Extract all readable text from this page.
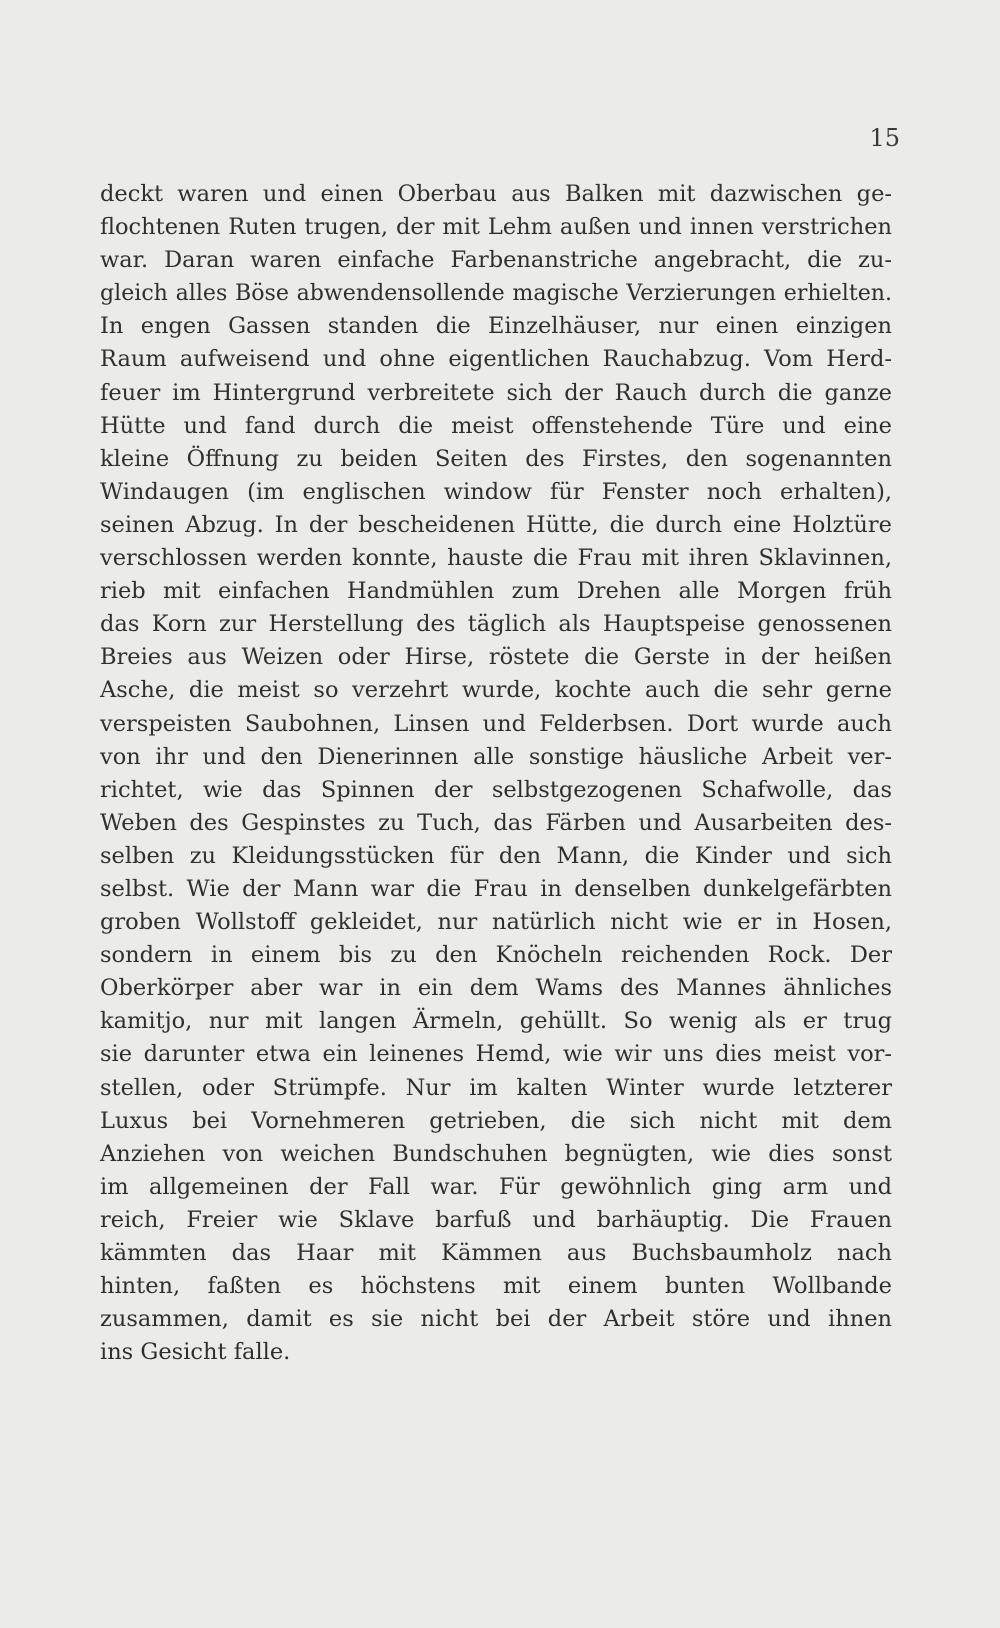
15

deckt waren und einen Oberbau aus Balken mit dazwischen ge-
flochtenen Ruten trugen, der mit Lehm außen und innen verstrichen
war. Daran waren einfache Farbenanstriche angebracht, die zu-
gleich alles Böse abwendensollende magische Verzierungen erhielten.
In engen Gassen standen die Einzelhäuser, nur einen einzigen
Raum aufweisend und ohne eigentlichen Rauchabzug. Vom Herd-
feuer im Hintergrund verbreitete sich der Rauch durch die ganze
Hütte und fand durch die meist offenstehende Türe und eine
kleine Öffnung zu beiden Seiten des Firstes, den sogenannten
Windaugen (im englischen window für Fenster noch erhalten),
seinen Abzug. In der bescheidenen Hütte, die durch eine Holztüre
verschlossen werden konnte, hauste die Frau mit ihren Sklavinnen,
rieb mit einfachen Handmühlen zum Drehen alle Morgen früh
das Korn zur Herstellung des täglich als Hauptspeise genossenen
Breies aus Weizen oder Hirse, röstete die Gerste in der heißen
Asche, die meist so verzehrt wurde, kochte auch die sehr gerne
verspeisten Saubohnen, Linsen und Felderbsen. Dort wurde auch
von ihr und den Dienerinnen alle sonstige häusliche Arbeit ver-
richtet, wie das Spinnen der selbstgezogenen Schafwolle, das
Weben des Gespinstes zu Tuch, das Färben und Ausarbeiten des-
selben zu Kleidungsstücken für den Mann, die Kinder und sich
selbst. Wie der Mann war die Frau in denselben dunkelgefärbten
groben Wollstoff gekleidet, nur natürlich nicht wie er in Hosen,
sondern in einem bis zu den Knöcheln reichenden Rock. Der
Oberkörper aber war in ein dem Wams des Mannes ähnliches
kamitjo, nur mit langen Ärmeln, gehüllt. So wenig als er trug
sie darunter etwa ein leinenes Hemd, wie wir uns dies meist vor-
stellen, oder Strümpfe. Nur im kalten Winter wurde letzterer
Luxus bei Vornehmeren getrieben, die sich nicht mit dem
Anziehen von weichen Bundschuhen begnügten, wie dies sonst
im allgemeinen der Fall war. Für gewöhnlich ging arm und
reich, Freier wie Sklave barfuß und barhäuptig. Die Frauen
kämmten das Haar mit Kämmen aus Buchsbaumholz nach
hinten, faßten es höchstens mit einem bunten Wollbande
zusammen, damit es sie nicht bei der Arbeit störe und ihnen
ins Gesicht falle.
